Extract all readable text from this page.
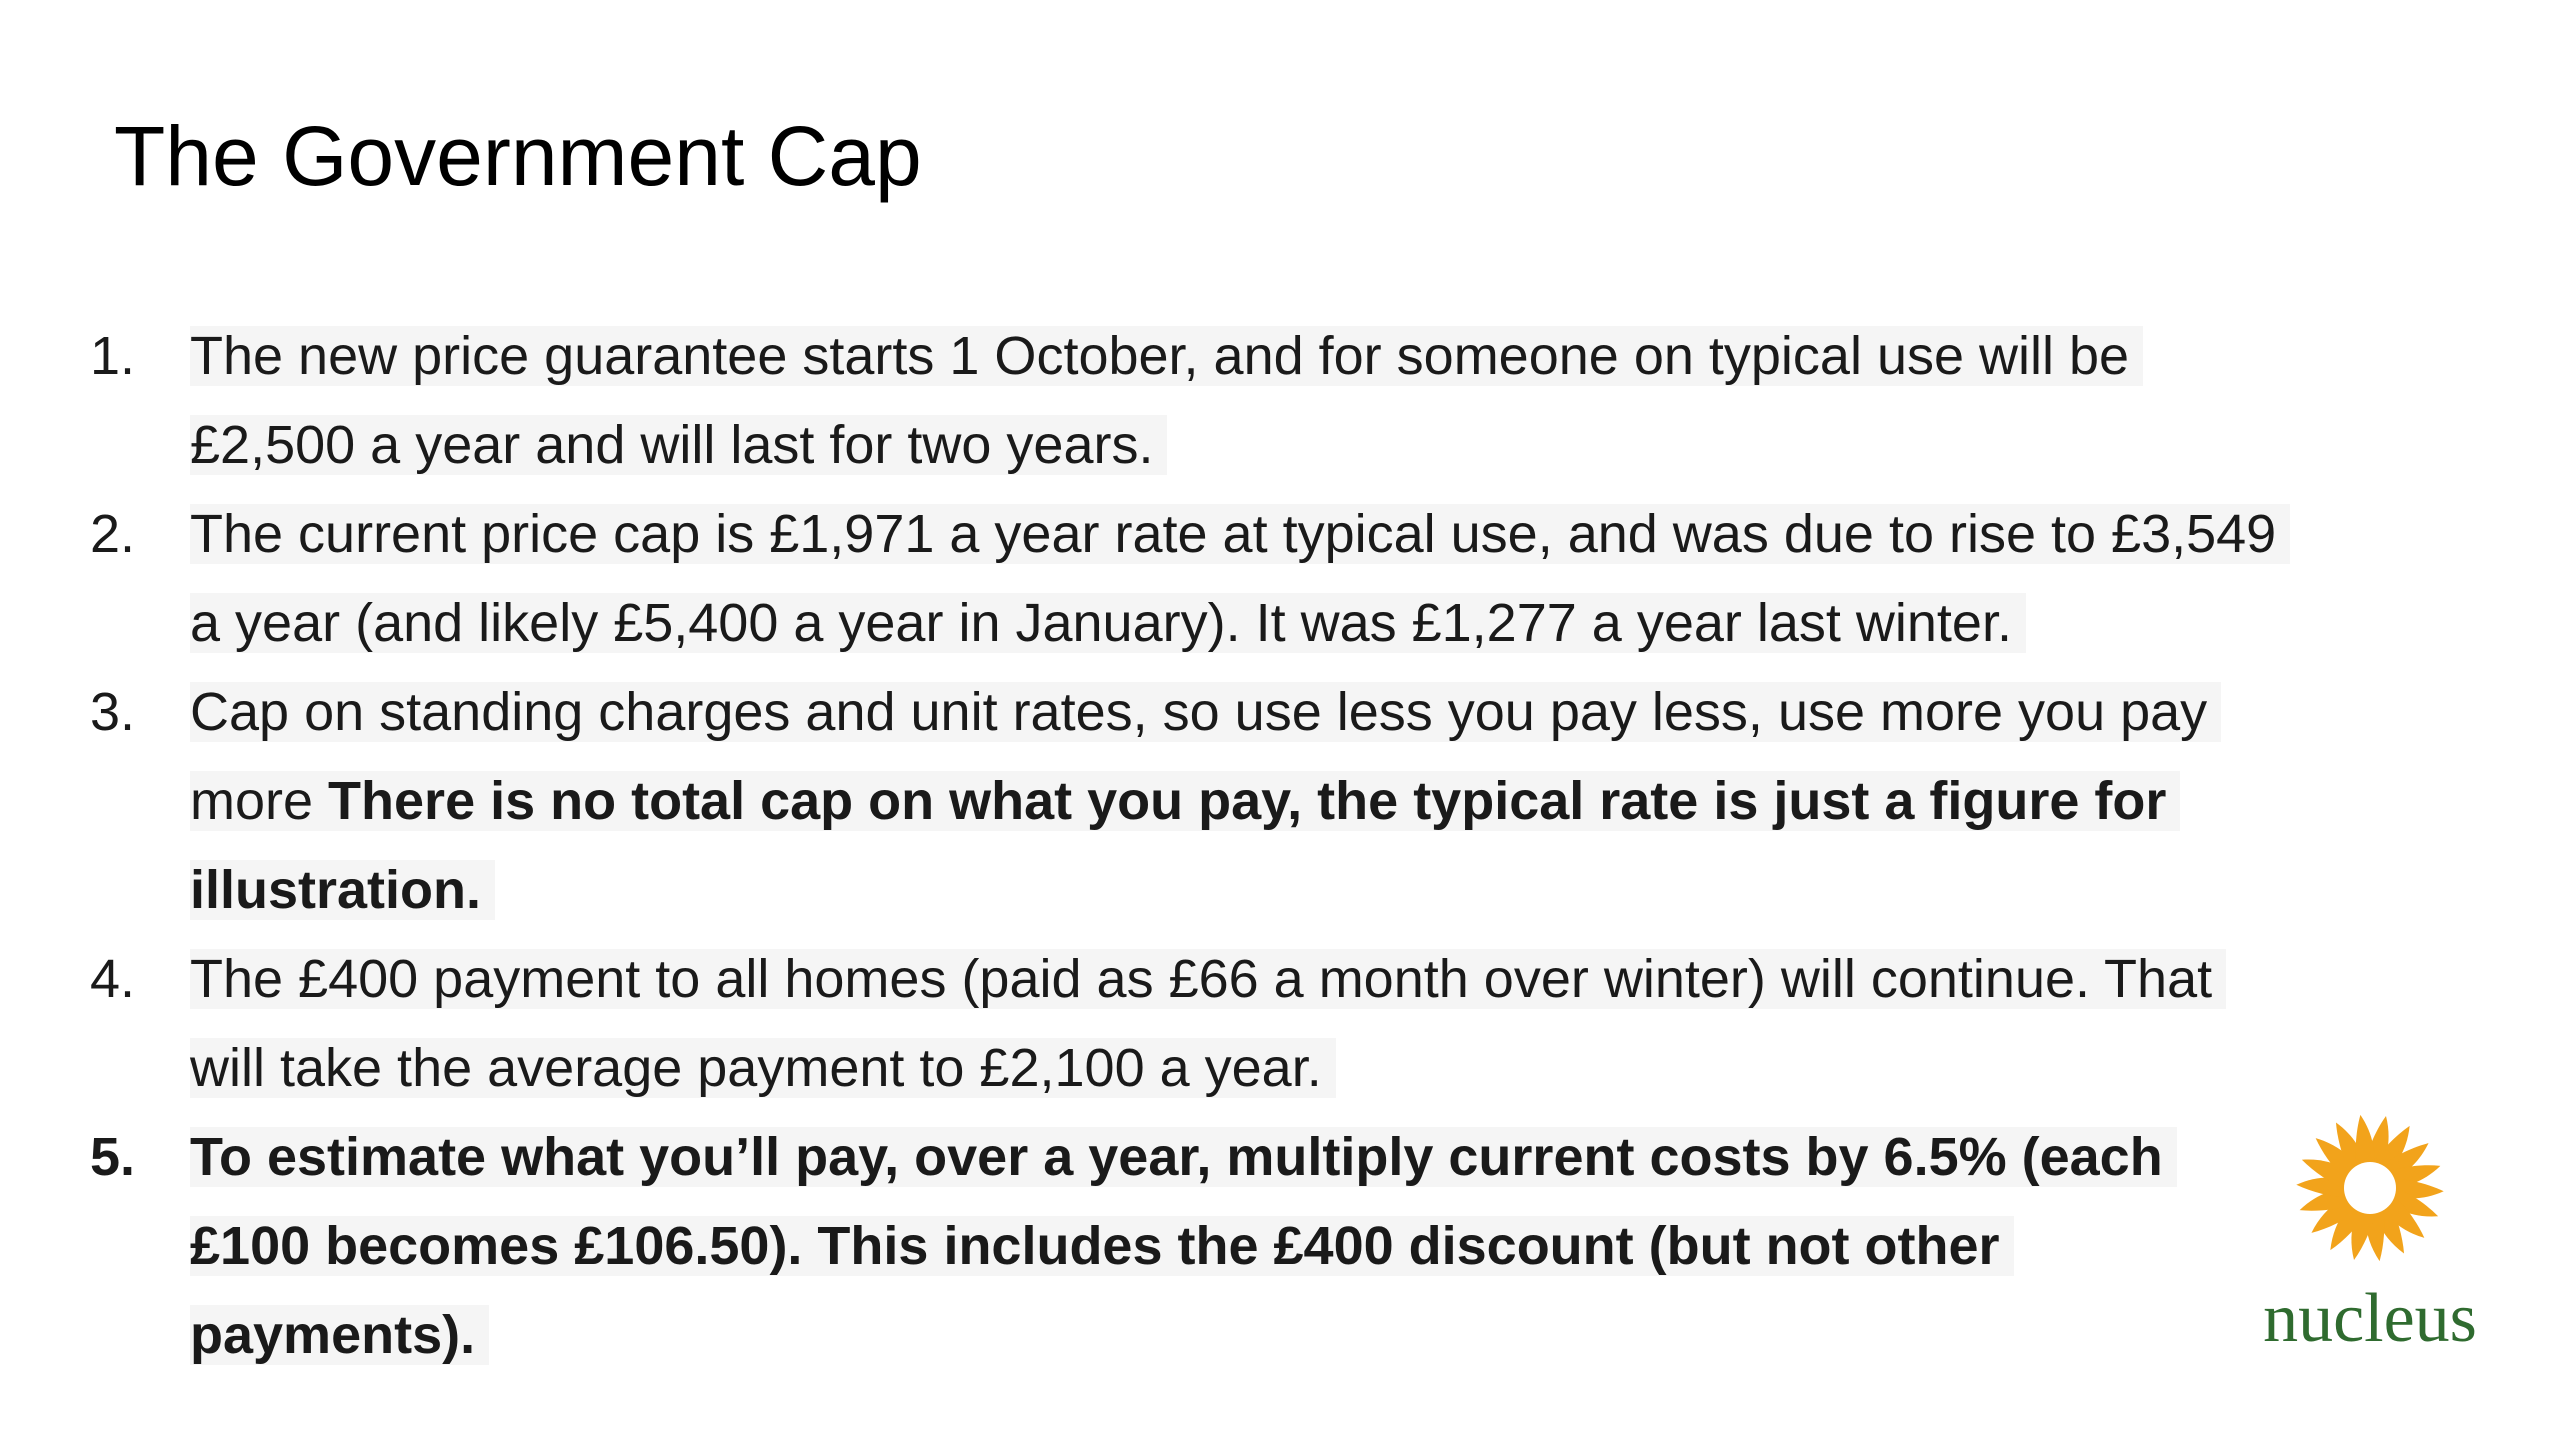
The Government Cap
1. The new price guarantee starts 1 October, and for someone on typical use will be £2,500 a year and will last for two years.
2. The current price cap is £1,971 a year rate at typical use, and was due to rise to £3,549 a year (and likely £5,400 a year in January). It was £1,277 a year last winter.
3. Cap on standing charges and unit rates, so use less you pay less, use more you pay more There is no total cap on what you pay, the typical rate is just a figure for illustration.
4. The £400 payment to all homes (paid as £66 a month over winter) will continue. That will take the average payment to £2,100 a year.
5. To estimate what you’ll pay, over a year, multiply current costs by 6.5% (each £100 becomes £106.50). This includes the £400 discount (but not other payments).	nucleus
